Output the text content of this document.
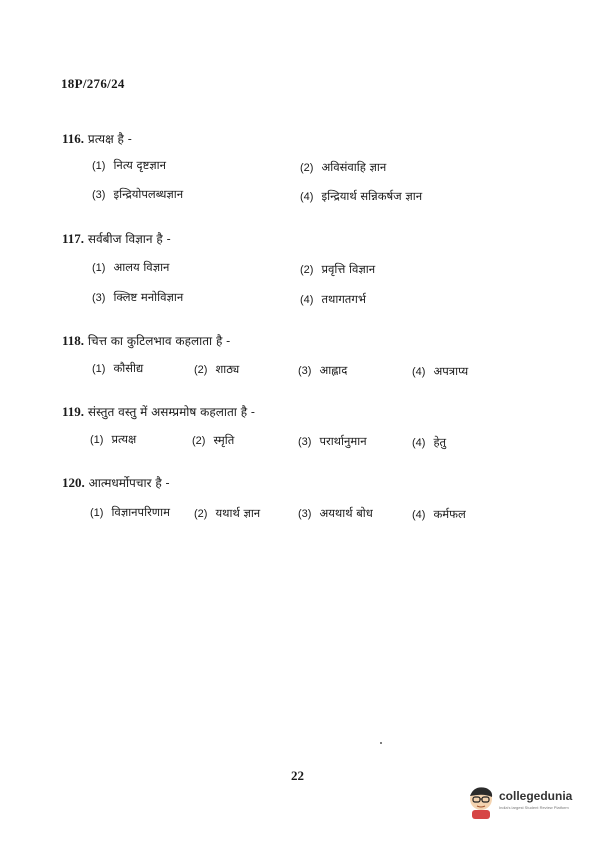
18P/276/24
116. प्रत्यक्ष है -
(1) नित्य दृष्टज्ञान	(2) अविसंवाहि ज्ञान
(3) इन्द्रियोपलब्धज्ञान	(4) इन्द्रियार्थ सन्निकर्षज ज्ञान
117. सर्वबीज विज्ञान है -
(1) आलय विज्ञान	(2) प्रवृत्ति विज्ञान
(3) क्लिष्ट मनोविज्ञान	(4) तथागतगर्भ
118. चित्त का कुटिलभाव कहलाता है -
(1) कौसीद्य	(2) शाठ्य	(3) आह्लाद	(4) अपत्राप्य
119. संस्तुत वस्तु में असम्प्रमोष कहलाता है -
(1) प्रत्यक्ष	(2) स्मृति	(3) परार्थानुमान	(4) हेतु
120. आत्मधर्मोपचार है -
(1) विज्ञानपरिणाम (2) यथार्थ ज्ञान	(3) अयथार्थ बोध	(4) कर्मफल
22
collegedunia
India's largest Student Review Platform
